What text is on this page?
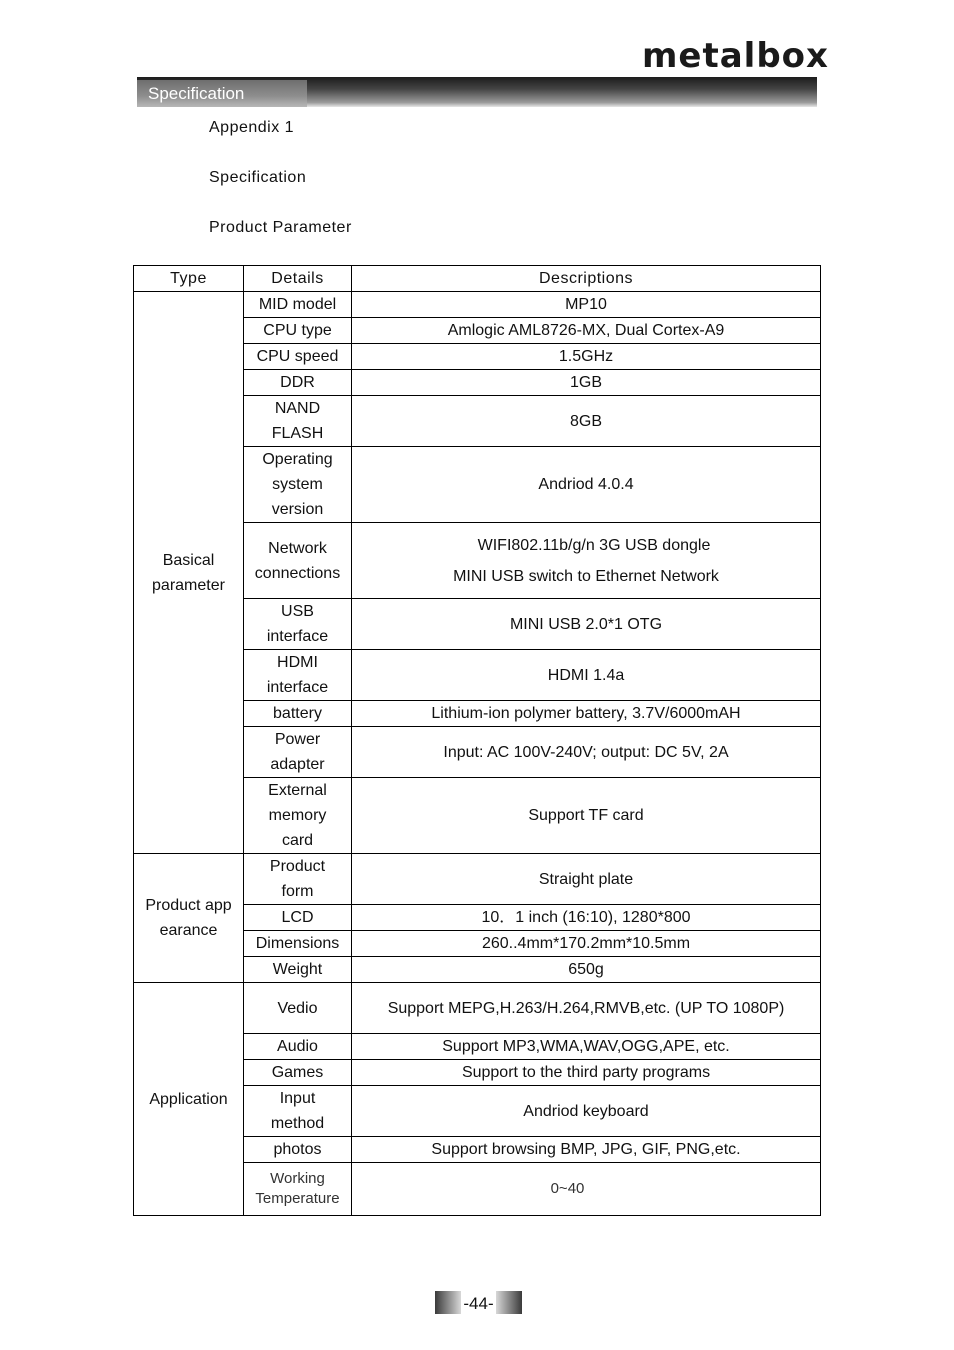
metalbox
Specification
Appendix 1
Specification
Product Parameter
Type	Details	Descriptions
Basical parameter	MID model	MP10
	CPU type	Amlogic AML8726-MX, Dual Cortex-A9
	CPU speed	1.5GHz
	DDR	1GB
	NAND FLASH	8GB
	Operating system version	Andriod 4.0.4
	Network connections	WIFI802.11b/g/n 3G USB dongle
MINI USB switch to Ethernet Network

	USB interface	MINI USB 2.0*1 OTG
	HDMI interface	HDMI 1.4a
	battery	Lithium-ion polymer battery, 3.7V/6000mAH
	Power adapter	Input: AC 100V-240V; output: DC 5V, 2A
	External memory card	Support TF card
Product appearance	Product form	Straight plate
	LCD	10．1 inch (16:10), 1280*800
	Dimensions	260..4mm*170.2mm*10.5mm
	Weight	650g
Application	Vedio	Support MEPG,H.263/H.264,RMVB,etc. (UP TO 1080P)
	Audio	Support MP3,WMA,WAV,OGG,APE, etc.
	Games	Support to the third party programs
	Input method	Andriod keyboard
	photos	Support browsing BMP, JPG, GIF, PNG,etc.
	Working Temperature	0~40
-44-
